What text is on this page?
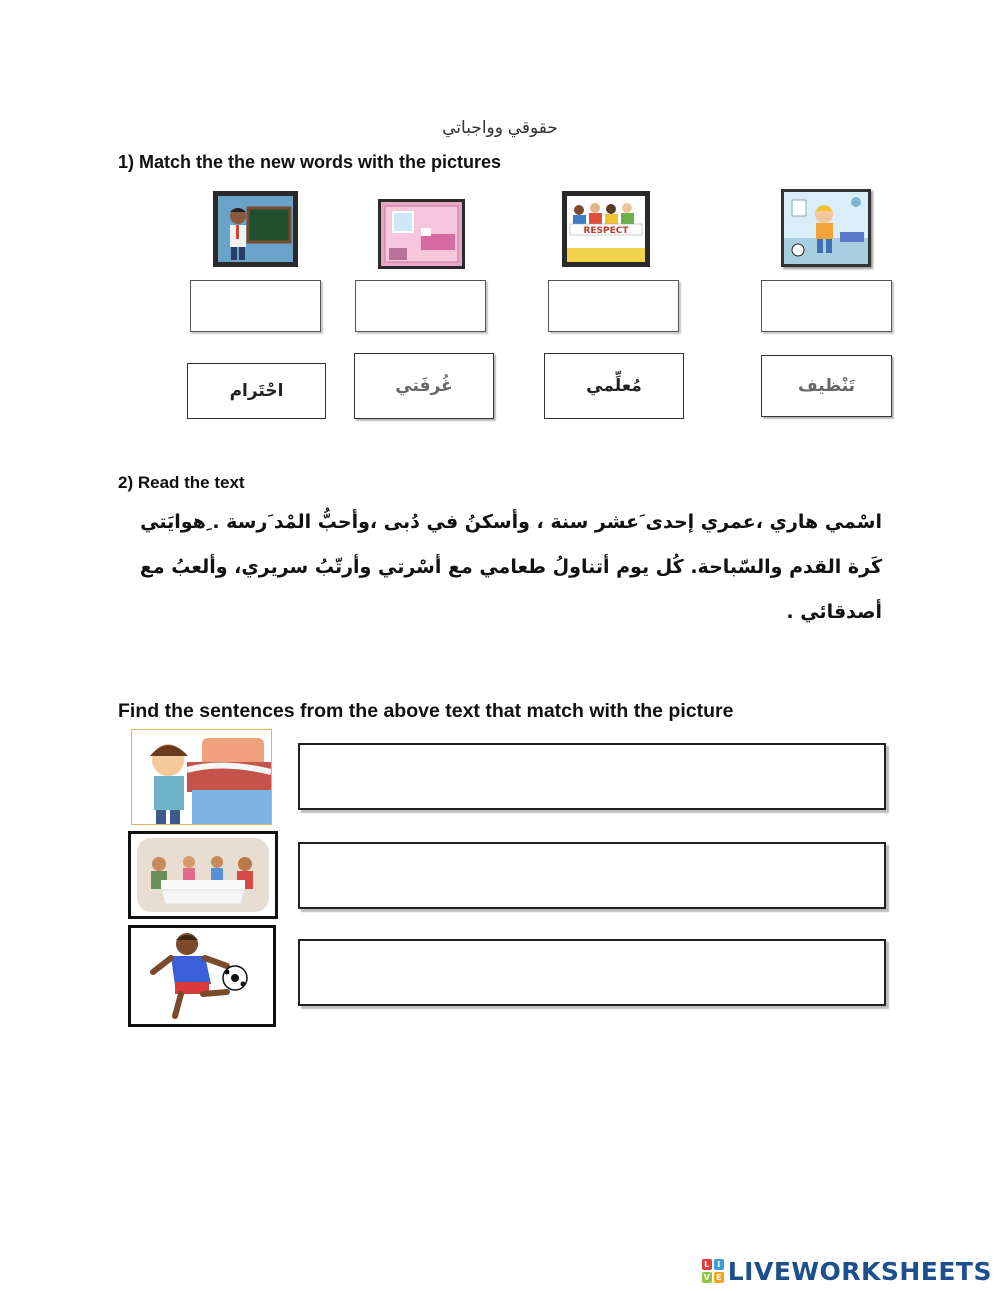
حقوقي وواجباتي
1) Match the the new words with the pictures
RESPECT
احْتَرام	غُرفَتي	مُعلِّمي	تَنْظيف
2) Read the text
اسْمي هاري ،عمري إحدى َعشر سنة ، وأسكنُ في دُبى ،وأحبُّ المْد َرسة . ِهوايَتي كَرة القدم والسّباحة. كُل يوم أتناولُ طعامي مع أسْرتي وأرتّبُ سريري، وألعبُ مع أصدقائي .
Find the sentences from the above text that match with the picture
L I
V E LIVEWORKSHEETS
